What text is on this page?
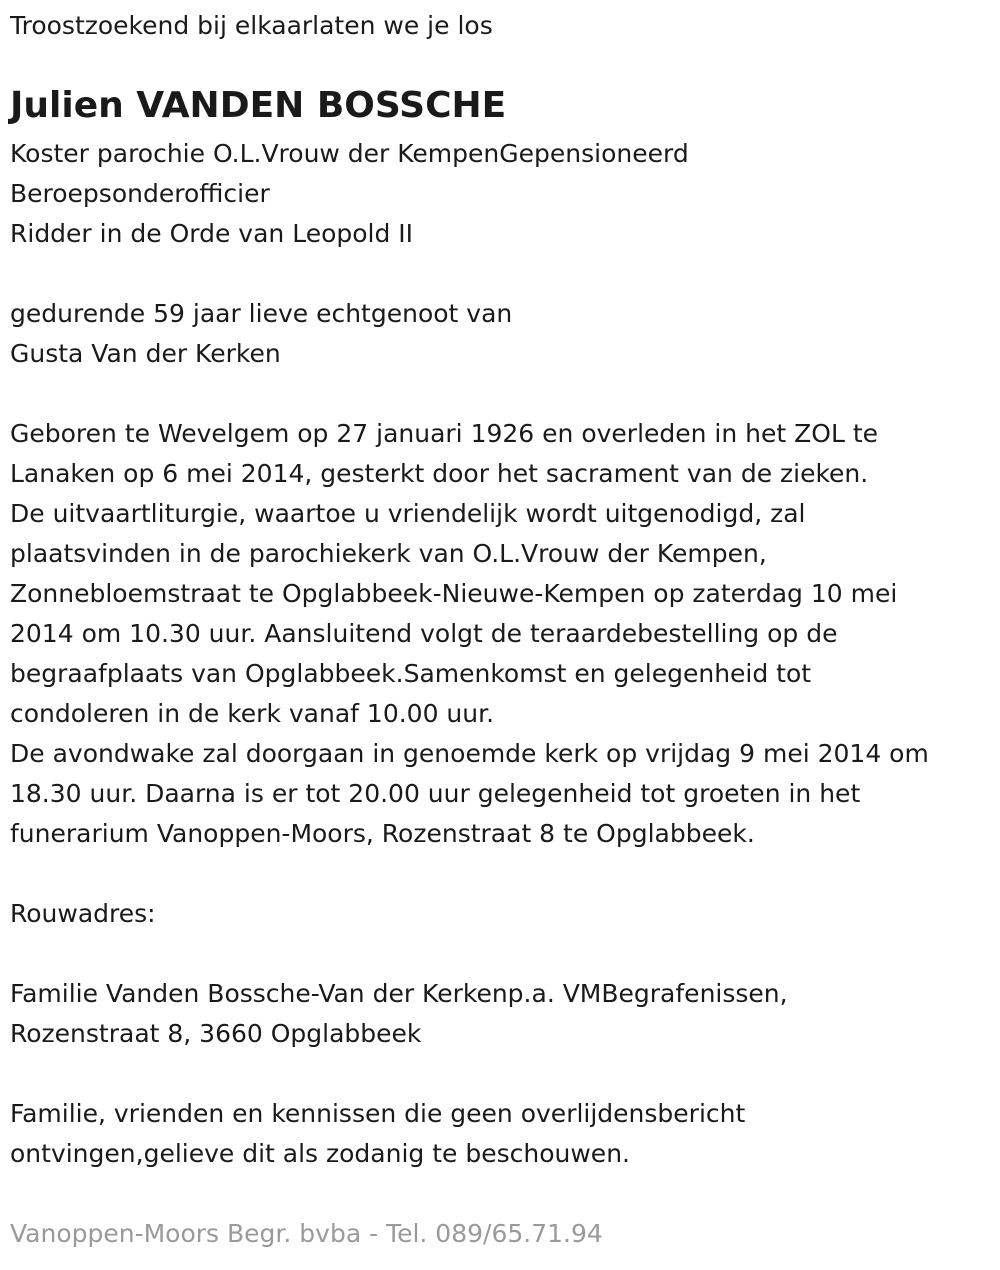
Troostzoekend bij elkaarlaten we je los

Julien VANDEN BOSSCHE

Koster parochie O.L.Vrouw der KempenGepensioneerd

Beroepsonderofficier

Ridder in de Orde van Leopold II

gedurende 59 jaar lieve echtgenoot van

Gusta Van der Kerken

Geboren te Wevelgem op 27 januari 1926 en overleden in het ZOL te

Lanaken op 6 mei 2014, gesterkt door het sacrament van de zieken.

De uitvaartliturgie, waartoe u vriendelijk wordt uitgenodigd, zal

plaatsvinden in de parochiekerk van O.L.Vrouw der Kempen,

Zonnebloemstraat te Opglabbeek-Nieuwe-Kempen op zaterdag 10 mei

2014 om 10.30 uur. Aansluitend volgt de teraardebestelling op de

begraafplaats van Opglabbeek.Samenkomst en gelegenheid tot

condoleren in de kerk vanaf 10.00 uur.

De avondwake zal doorgaan in genoemde kerk op vrijdag 9 mei 2014 om

18.30 uur. Daarna is er tot 20.00 uur gelegenheid tot groeten in het

funerarium Vanoppen-Moors, Rozenstraat 8 te Opglabbeek.

Rouwadres:

Familie Vanden Bossche-Van der Kerkenp.a. VMBegrafenissen,

Rozenstraat 8, 3660 Opglabbeek

Familie, vrienden en kennissen die geen overlijdensbericht

ontvingen,gelieve dit als zodanig te beschouwen.

Vanoppen-Moors Begr. bvba - Tel. 089/65.71.94
